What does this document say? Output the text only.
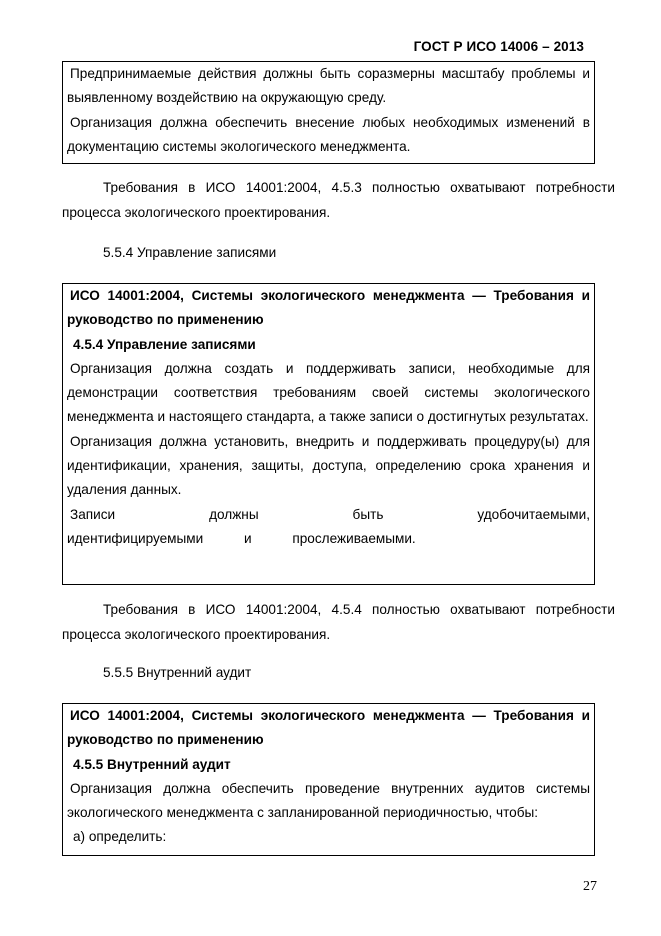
ГОСТ Р ИСО 14006 – 2013

Предпринимаемые действия должны быть соразмерны масштабу проблемы и выявленному воздействию на окружающую среду.

Организация должна обеспечить внесение любых необходимых изменений в документацию системы экологического менеджмента.

Требования в ИСО 14001:2004, 4.5.3 полностью охватывают потребности процесса экологического проектирования.

5.5.4 Управление записями

ИСО 14001:2004, Системы экологического менеджмента — Требования и руководство по применению

4.5.4 Управление записями

Организация должна создать и поддерживать записи, необходимые для демонстрации соответствия требованиям своей системы экологического менеджмента и настоящего стандарта, а также записи о достигнутых результатах.

Организация должна установить, внедрить и поддерживать процедуру(ы) для идентификации, хранения, защиты, доступа, определению срока хранения и удаления данных.

Записи должны быть удобочитаемыми, идентифицируемыми и прослеживаемыми.

Требования в ИСО 14001:2004, 4.5.4 полностью охватывают потребности процесса экологического проектирования.

5.5.5 Внутренний аудит

ИСО 14001:2004, Системы экологического менеджмента — Требования и руководство по применению

4.5.5 Внутренний аудит

Организация должна обеспечить проведение внутренних аудитов системы экологического менеджмента с запланированной периодичностью, чтобы:

а) определить:

27
